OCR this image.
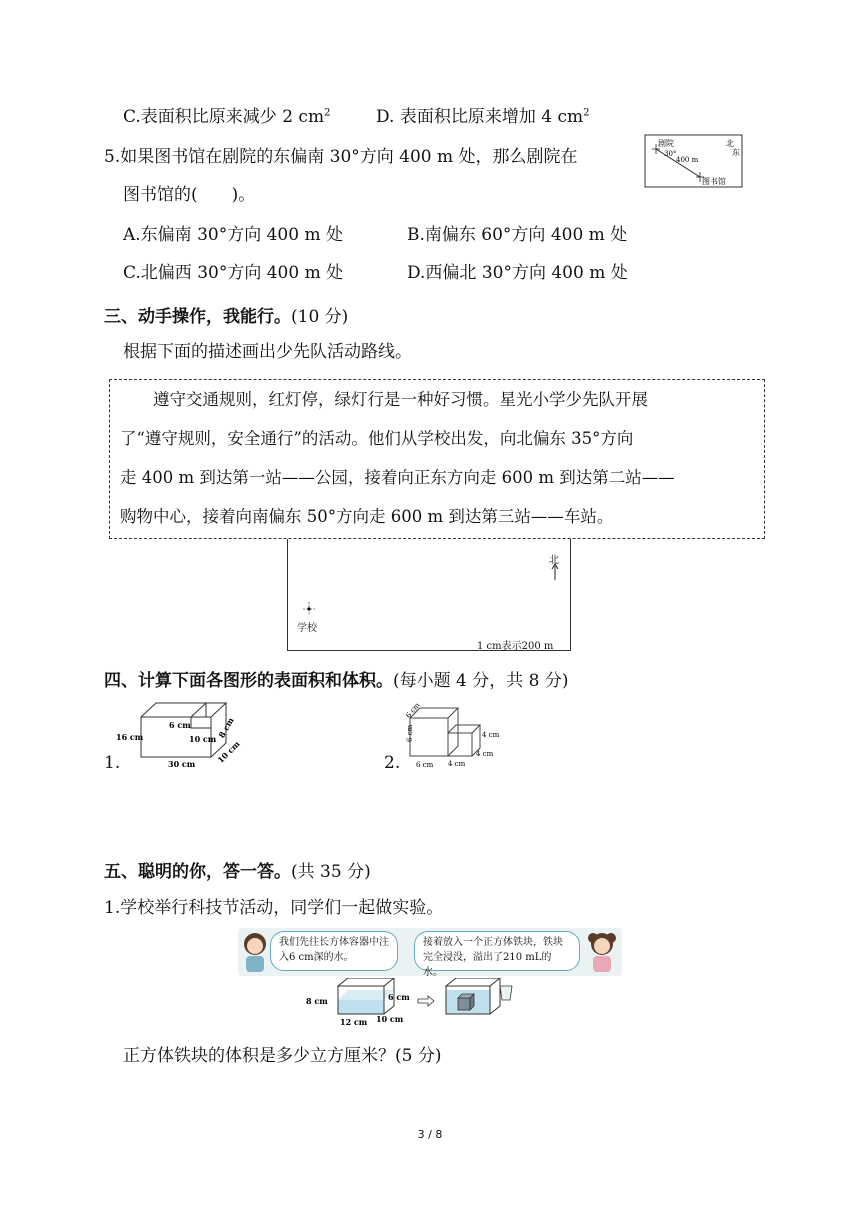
C.表面积比原来减少 2 $cm^2$	D. 表面积比原来增加 4 $cm^2$
5.如果图书馆在剧院的东偏南 30°方向 400 m 处，那么剧院在
图书馆的(　　)。
剧院
30°
400 m
图书馆
北
东
A.东偏南 30°方向 400 m 处	B.南偏东 60°方向 400 m 处
C.北偏西 30°方向 400 m 处	D.西偏北 30°方向 400 m 处
三、动手操作，我能行。(10 分)
根据下面的描述画出少先队活动路线。
　　遵守交通规则，红灯停，绿灯行是一种好习惯。星光小学少先队开展
了“遵守规则，安全通行”的活动。他们从学校出发，向北偏东 35°方向
走 400 m 到达第一站——公园，接着向正东方向走 600 m 到达第二站——
购物中心，接着向南偏东 50°方向走 600 m 到达第三站——车站。
北
学校
1 cm表示200 m
四、计算下面各图形的表面积和体积。(每小题 4 分，共 8 分)
1.
16 cm
30 cm	10 cm
6 cm
10 cm 8 cm
2.
6 cm
6 cm
6 cm 4 cm
4 cm
4 cm
五、聪明的你，答一答。(共 35 分)
1.学校举行科技节活动，同学们一起做实验。
我们先往长方体容器中注入6 cm深的水。
接着放入一个正方体铁块，铁块完全浸没，溢出了210 mL的水。
8 cm	6 cm
12 cm 10 cm
正方体铁块的体积是多少立方厘米？(5 分)
3 / 8
